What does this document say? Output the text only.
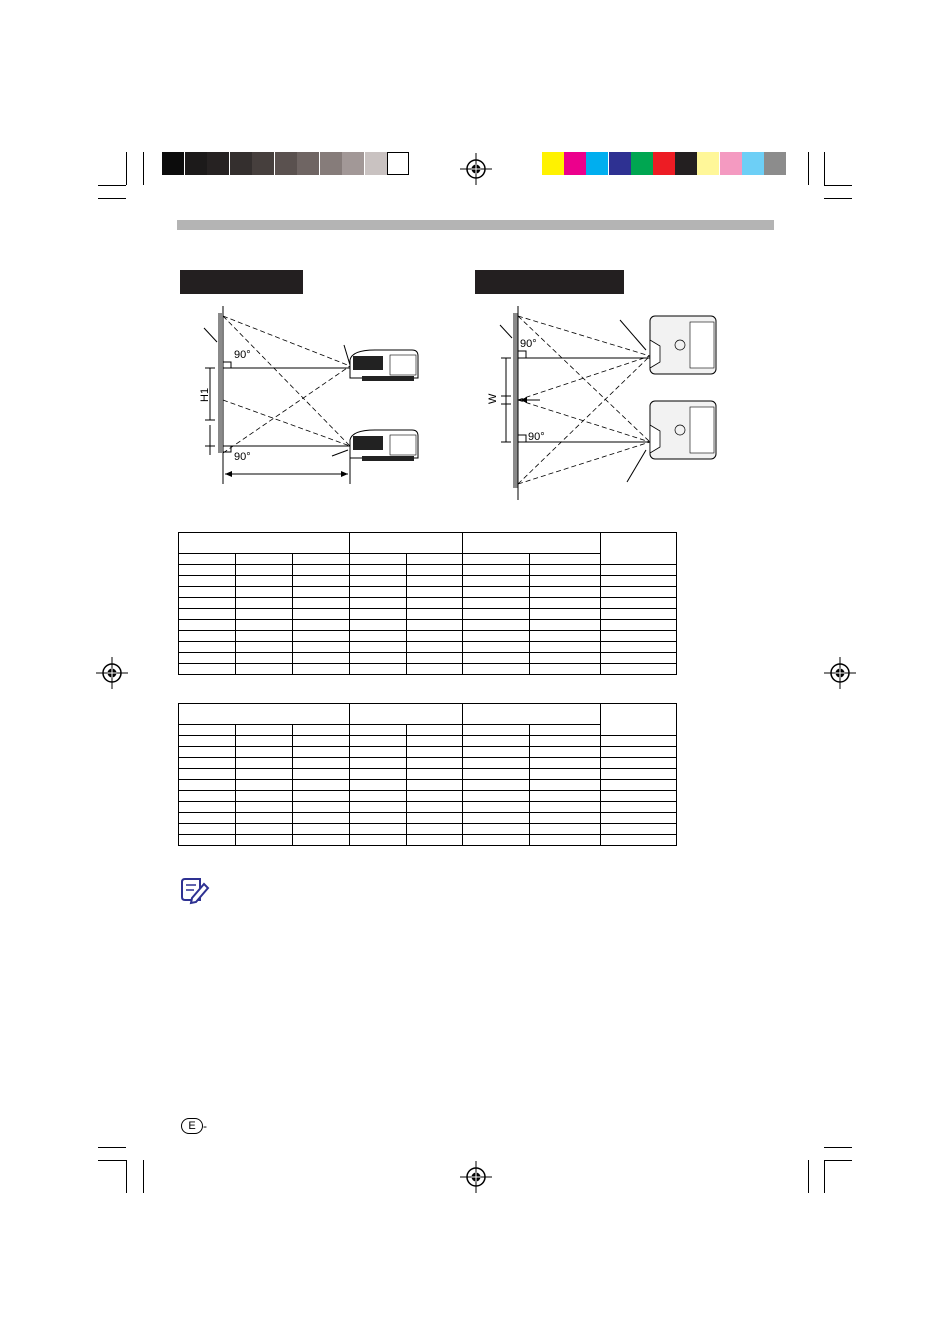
90°
90°
H1
90°
90°
W

E -
